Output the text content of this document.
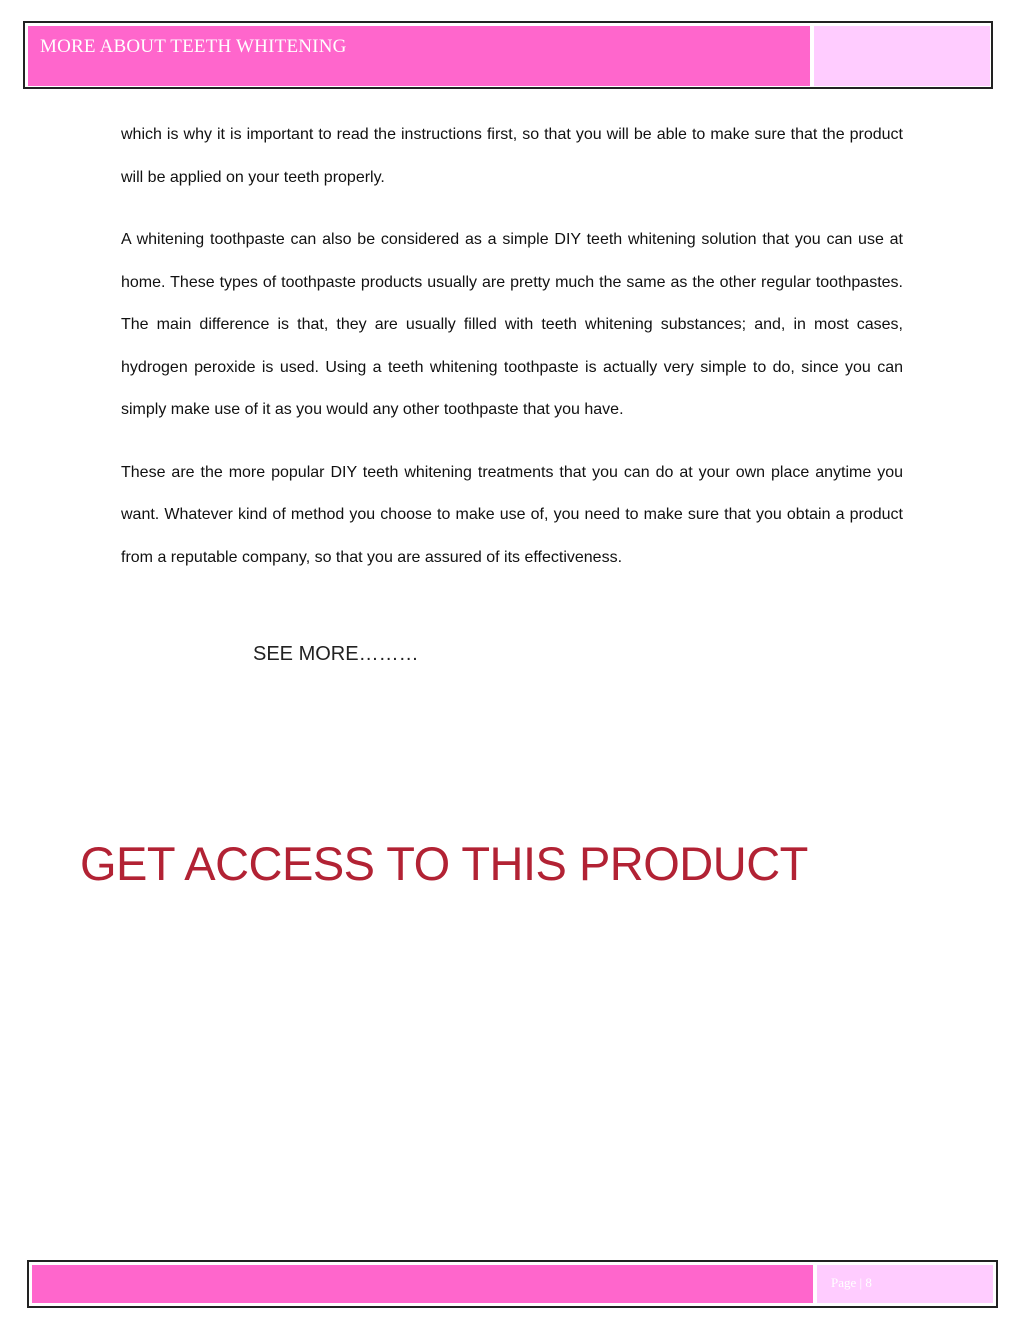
MORE ABOUT TEETH WHITENING

which is why it is important to read the instructions first, so that you will be able to make sure that the product will be applied on your teeth properly.

A whitening toothpaste can also be considered as a simple DIY teeth whitening solution that you can use at home. These types of toothpaste products usually are pretty much the same as the other regular toothpastes. The main difference is that, they are usually filled with teeth whitening substances; and, in most cases, hydrogen peroxide is used. Using a teeth whitening toothpaste is actually very simple to do, since you can simply make use of it as you would any other toothpaste that you have.

These are the more popular DIY teeth whitening treatments that you can do at your own place anytime you want. Whatever kind of method you choose to make use of, you need to make sure that you obtain a product from a reputable company, so that you are assured of its effectiveness.

SEE MORE………
GET ACCESS TO THIS PRODUCT
Page | 8
